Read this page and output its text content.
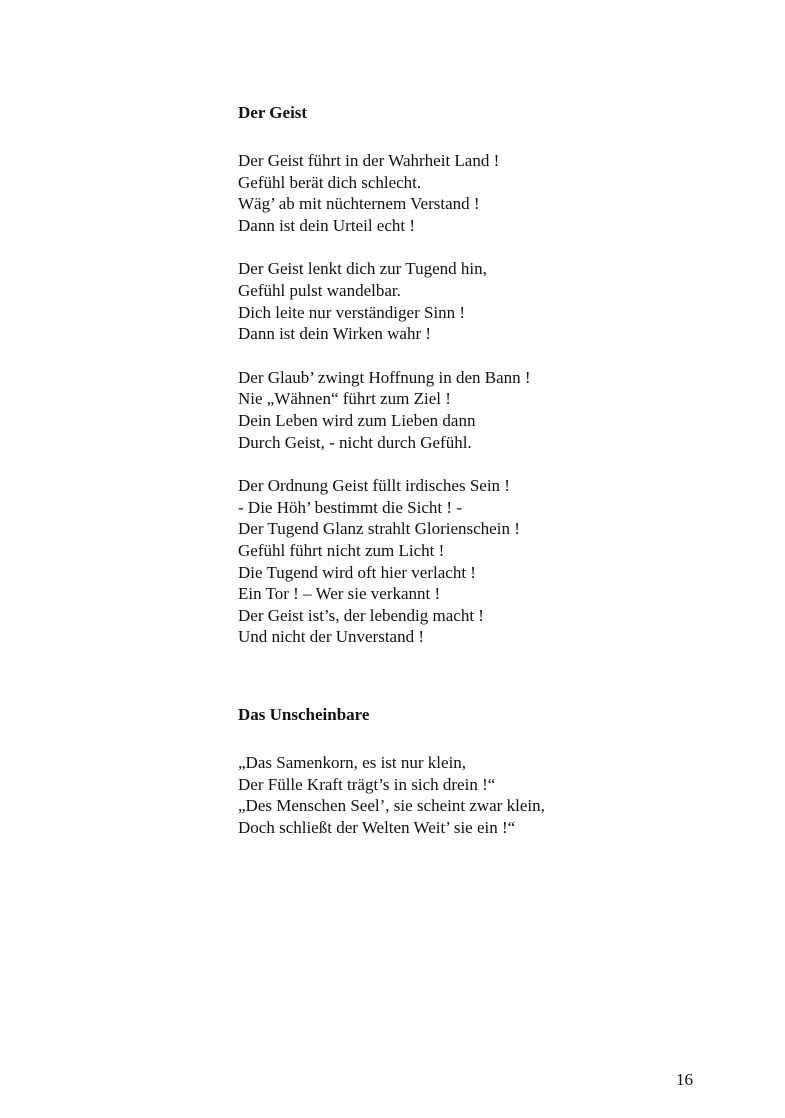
Der Geist
Der Geist führt in der Wahrheit Land !
Gefühl berät dich schlecht.
Wäg’ ab mit nüchternem Verstand !
Dann ist dein Urteil echt !
Der Geist lenkt dich zur Tugend hin,
Gefühl pulst wandelbar.
Dich leite nur verständiger Sinn !
Dann ist dein Wirken wahr !
Der Glaub’ zwingt Hoffnung in den Bann !
Nie „Wähnen“ führt zum Ziel !
Dein Leben wird zum Lieben dann
Durch Geist, - nicht durch Gefühl.
Der Ordnung Geist füllt irdisches Sein !
- Die Höh’ bestimmt die Sicht ! -
Der Tugend Glanz strahlt Glorienschein !
Gefühl führt nicht zum Licht !
Die Tugend wird oft hier verlacht !
Ein Tor ! – Wer sie verkannt !
Der Geist ist’s, der lebendig macht !
Und nicht der Unverstand !
Das Unscheinbare
„Das Samenkorn, es ist nur klein,
Der Fülle Kraft trägt’s in sich drein !“
„Des Menschen Seel’, sie scheint zwar klein,
Doch schließt der Welten Weit’ sie ein !“
16
